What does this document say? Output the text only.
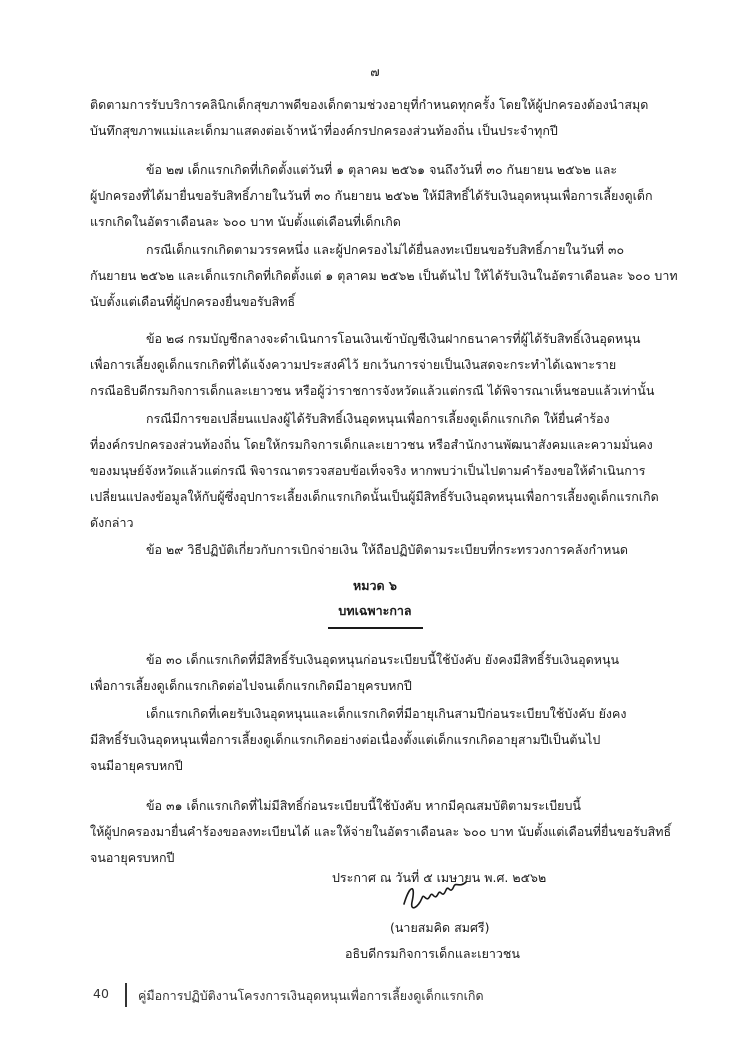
๗
ติดตามการรับบริการคลินิกเด็กสุขภาพดีของเด็กตามช่วงอายุที่กำหนดทุกครั้ง โดยให้ผู้ปกครองต้องนำสมุด
บันทึกสุขภาพแม่และเด็กมาแสดงต่อเจ้าหน้าที่องค์กรปกครองส่วนท้องถิ่น เป็นประจำทุกปี
ข้อ ๒๗ เด็กแรกเกิดที่เกิดตั้งแต่วันที่ ๑ ตุลาคม ๒๕๖๑ จนถึงวันที่ ๓๐ กันยายน ๒๕๖๒ และ
ผู้ปกครองที่ได้มายื่นขอรับสิทธิ์ภายในวันที่ ๓๐ กันยายน ๒๕๖๒ ให้มีสิทธิ์ได้รับเงินอุดหนุนเพื่อการเลี้ยงดูเด็ก
แรกเกิดในอัตราเดือนละ ๖๐๐ บาท นับตั้งแต่เดือนที่เด็กเกิด
กรณีเด็กแรกเกิดตามวรรคหนึ่ง และผู้ปกครองไม่ได้ยื่นลงทะเบียนขอรับสิทธิ์ภายในวันที่ ๓๐
กันยายน ๒๕๖๒ และเด็กแรกเกิดที่เกิดตั้งแต่ ๑ ตุลาคม ๒๕๖๒ เป็นต้นไป ให้ได้รับเงินในอัตราเดือนละ ๖๐๐ บาท
นับตั้งแต่เดือนที่ผู้ปกครองยื่นขอรับสิทธิ์
ข้อ ๒๘ กรมบัญชีกลางจะดำเนินการโอนเงินเข้าบัญชีเงินฝากธนาคารที่ผู้ได้รับสิทธิ์เงินอุดหนุน
เพื่อการเลี้ยงดูเด็กแรกเกิดที่ได้แจ้งความประสงค์ไว้ ยกเว้นการจ่ายเป็นเงินสดจะกระทำได้เฉพาะราย
กรณีอธิบดีกรมกิจการเด็กและเยาวชน หรือผู้ว่าราชการจังหวัดแล้วแต่กรณี ได้พิจารณาเห็นชอบแล้วเท่านั้น
กรณีมีการขอเปลี่ยนแปลงผู้ได้รับสิทธิ์เงินอุดหนุนเพื่อการเลี้ยงดูเด็กแรกเกิด ให้ยื่นคำร้อง
ที่องค์กรปกครองส่วนท้องถิ่น โดยให้กรมกิจการเด็กและเยาวชน หรือสำนักงานพัฒนาสังคมและความมั่นคง
ของมนุษย์จังหวัดแล้วแต่กรณี พิจารณาตรวจสอบข้อเท็จจริง หากพบว่าเป็นไปตามคำร้องขอให้ดำเนินการ
เปลี่ยนแปลงข้อมูลให้กับผู้ซึ่งอุปการะเลี้ยงเด็กแรกเกิดนั้นเป็นผู้มีสิทธิ์รับเงินอุดหนุนเพื่อการเลี้ยงดูเด็กแรกเกิด
ดังกล่าว
ข้อ ๒๙ วิธีปฏิบัติเกี่ยวกับการเบิกจ่ายเงิน ให้ถือปฏิบัติตามระเบียบที่กระทรวงการคลังกำหนด
หมวด ๖
บทเฉพาะกาล
ข้อ ๓๐ เด็กแรกเกิดที่มีสิทธิ์รับเงินอุดหนุนก่อนระเบียบนี้ใช้บังคับ ยังคงมีสิทธิ์รับเงินอุดหนุน
เพื่อการเลี้ยงดูเด็กแรกเกิดต่อไปจนเด็กแรกเกิดมีอายุครบหกปี
เด็กแรกเกิดที่เคยรับเงินอุดหนุนและเด็กแรกเกิดที่มีอายุเกินสามปีก่อนระเบียบใช้บังคับ ยังคง
มีสิทธิ์รับเงินอุดหนุนเพื่อการเลี้ยงดูเด็กแรกเกิดอย่างต่อเนื่องตั้งแต่เด็กแรกเกิดอายุสามปีเป็นต้นไป
จนมีอายุครบหกปี
ข้อ ๓๑ เด็กแรกเกิดที่ไม่มีสิทธิ์ก่อนระเบียบนี้ใช้บังคับ หากมีคุณสมบัติตามระเบียบนี้
ให้ผู้ปกครองมายื่นคำร้องขอลงทะเบียนได้ และให้จ่ายในอัตราเดือนละ ๖๐๐ บาท นับตั้งแต่เดือนที่ยื่นขอรับสิทธิ์
จนอายุครบหกปี
ประกาศ ณ วันที่ ๕ เมษายน พ.ศ. ๒๕๖๒
(นายสมคิด สมศรี)
อธิบดีกรมกิจการเด็กและเยาวชน
40 คู่มือการปฏิบัติงานโครงการเงินอุดหนุนเพื่อการเลี้ยงดูเด็กแรกเกิด
